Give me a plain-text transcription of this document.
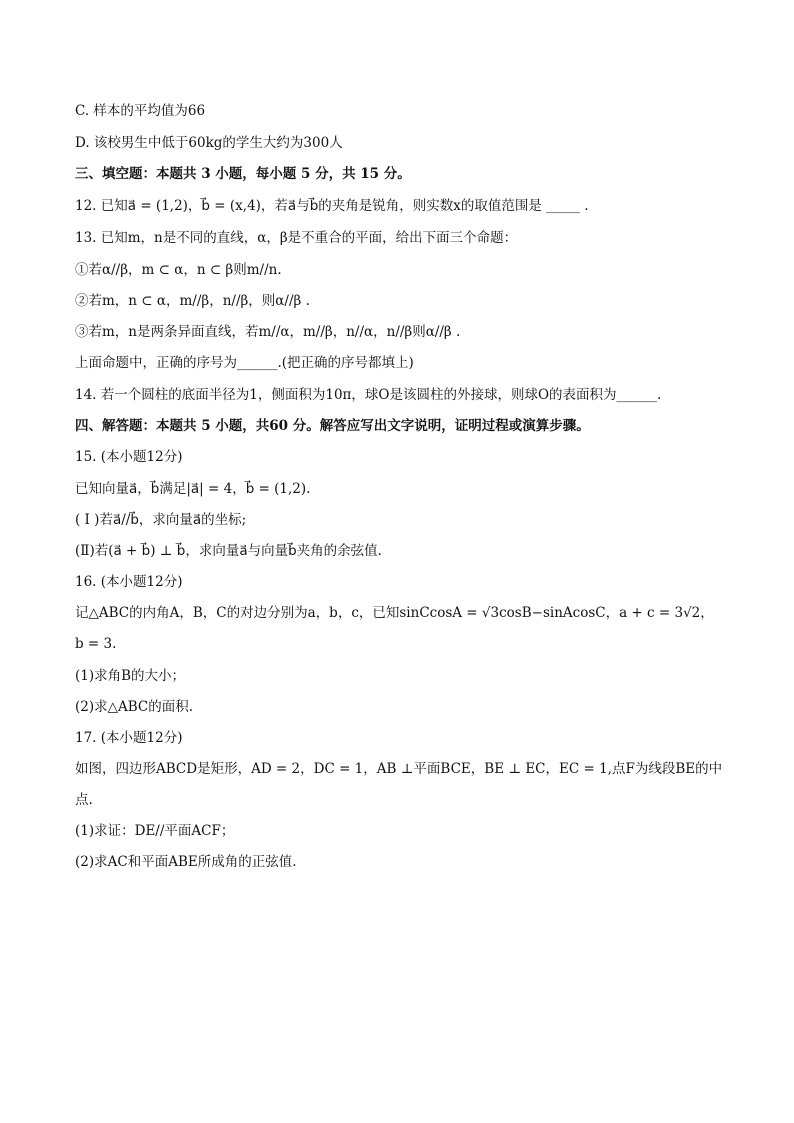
C. 样本的平均值为66
D. 该校男生中低于60kg的学生大约为300人
三、填空题：本题共 3 小题，每小题 5 分，共 15 分。
12. 已知a⃗ = (1,2)，b⃗ = (x,4)，若a⃗与b⃗的夹角是锐角，则实数x的取值范围是 _____ .
13. 已知m，n是不同的直线，α，β是不重合的平面，给出下面三个命题：
①若α//β，m ⊂ α，n ⊂ β则m//n.
②若m，n ⊂ α，m//β，n//β，则α//β .
③若m，n是两条异面直线，若m//α，m//β，n//α，n//β则α//β .
上面命题中，正确的序号为______.(把正确的序号都填上)
14. 若一个圆柱的底面半径为1，侧面积为10π，球O是该圆柱的外接球，则球O的表面积为______.
四、解答题：本题共 5 小题，共60 分。解答应写出文字说明，证明过程或演算步骤。
15. (本小题12分)
已知向量a⃗，b⃗满足|a⃗| = 4，b⃗ = (1,2).
( Ⅰ )若a⃗//b⃗，求向量a⃗的坐标;
(Ⅱ)若(a⃗ + b⃗) ⊥ b⃗，求向量a⃗与向量b⃗夹角的余弦值.
16. (本小题12分)
记△ABC的内角A，B，C的对边分别为a，b，c，已知sinCcosA = √3cosB−sinAcosC，a + c = 3√2，
b = 3.
(1)求角B的大小；
(2)求△ABC的面积.
17. (本小题12分)
如图，四边形ABCD是矩形，AD = 2，DC = 1，AB ⊥平面BCE，BE ⊥ EC，EC = 1,点F为线段BE的中
点.
(1)求证：DE//平面ACF；
(2)求AC和平面ABE所成角的正弦值.
